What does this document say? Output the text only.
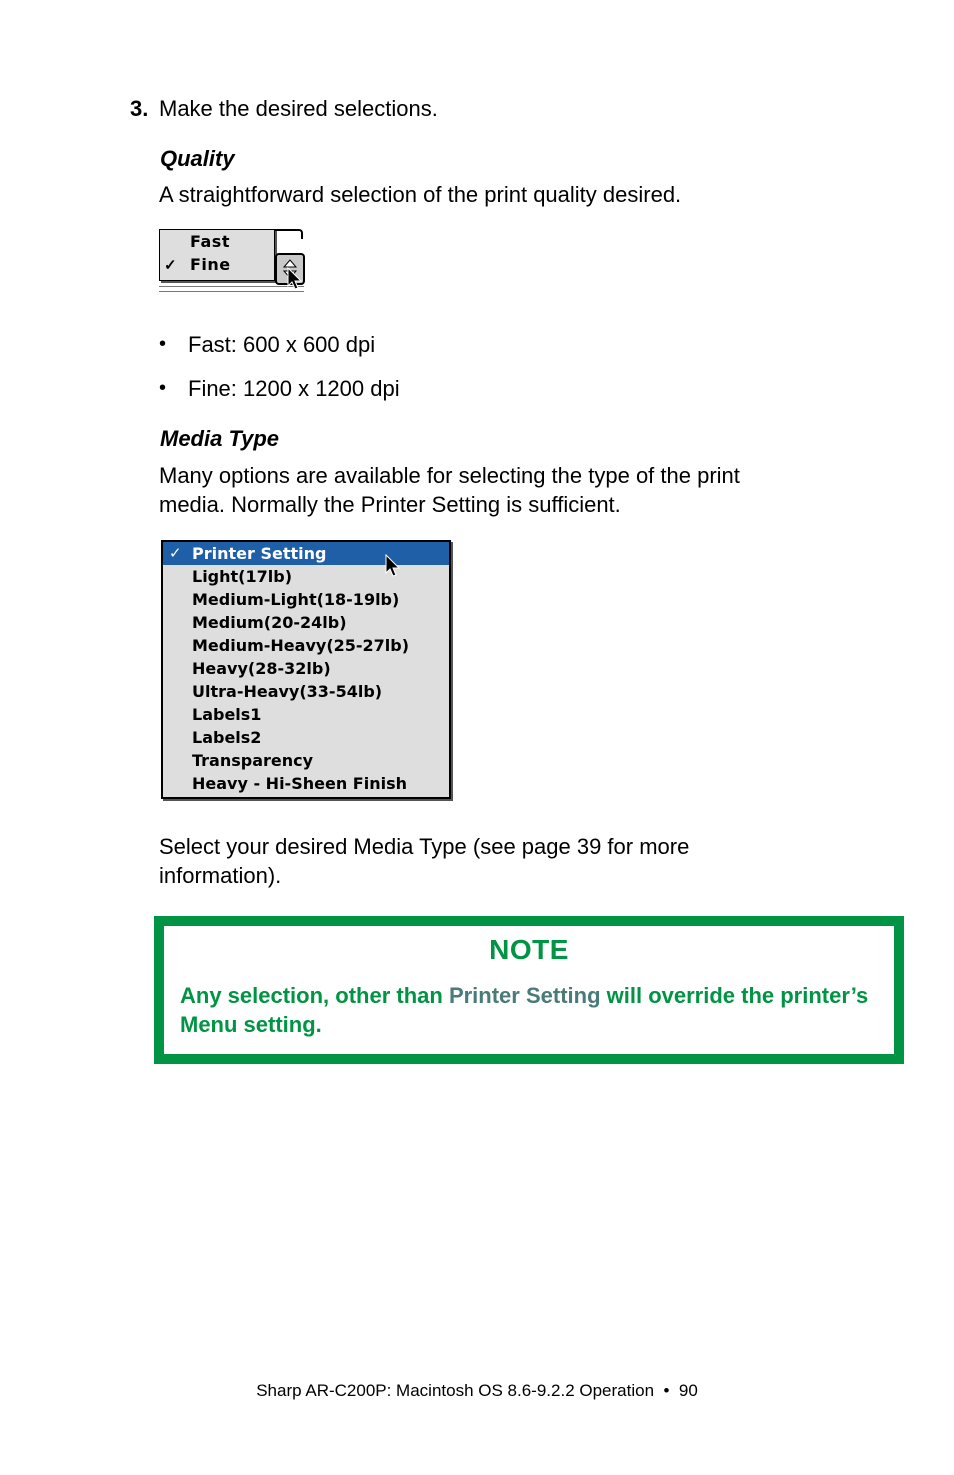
3. Make the desired selections.
Quality
A straightforward selection of the print quality desired.
Fast
✓ Fine
• Fast: 600 x 600 dpi
• Fine: 1200 x 1200 dpi
Media Type
Many options are available for selecting the type of the print
media. Normally the Printer Setting is sufficient.
✓ Printer Setting
Light(17lb)
Medium-Light(18-19lb)
Medium(20-24lb)
Medium-Heavy(25-27lb)
Heavy(28-32lb)
Ultra-Heavy(33-54lb)
Labels1
Labels2
Transparency
Heavy - Hi-Sheen Finish
Select your desired Media Type (see page 39 for more
information).
NOTE
Any selection, other than Printer Setting will override the printer’s Menu setting.
Sharp AR-C200P: Macintosh OS 8.6-9.2.2 Operation  •  90
